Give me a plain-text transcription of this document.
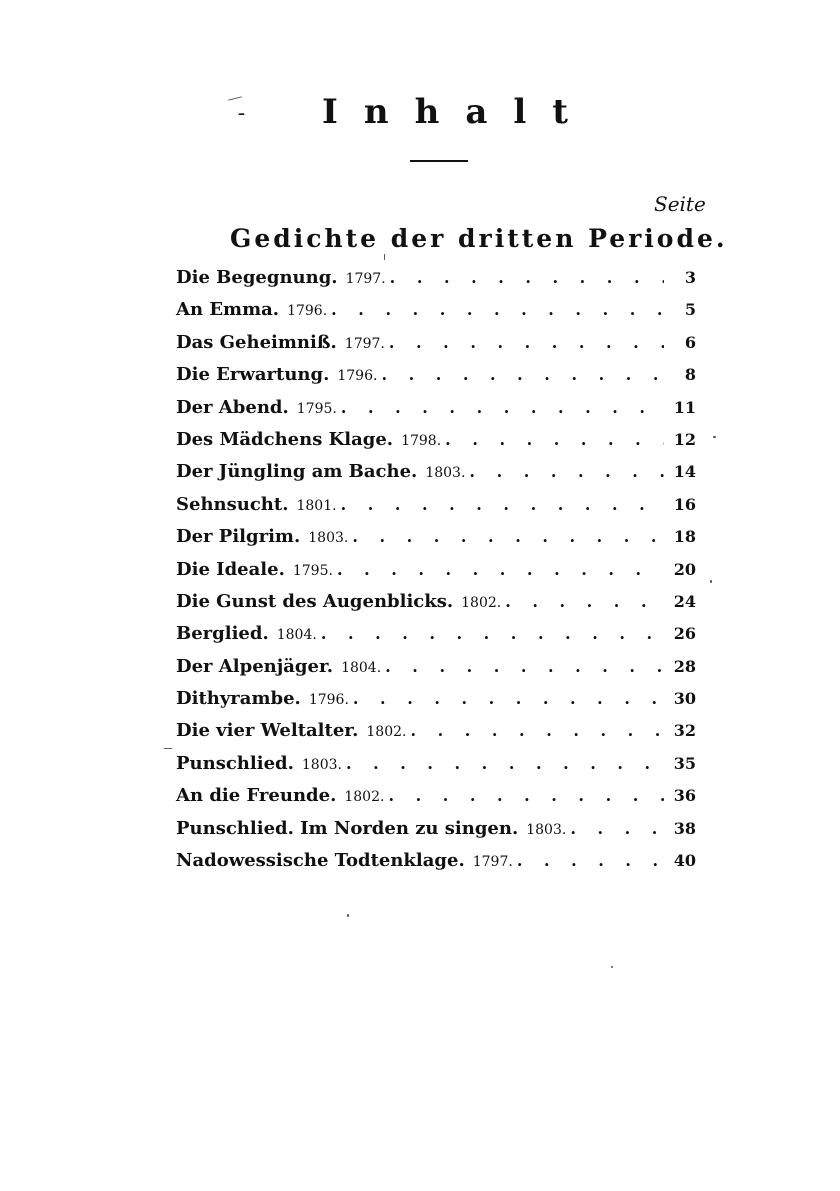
– Inhalt
Seite
Gedichte der dritten Periode.
Die Begegnung. 1797. . . .	3
An Emma. 1796. . . .	5
Das Geheimniß. 1797. . . .	6
Die Erwartung. 1796. . . .	8
Der Abend. 1795. . . .	11
Des Mädchens Klage. 1798. . . .	12
Der Jüngling am Bache. 1803. . . .	14
Sehnsucht. 1801. . . .	16
Der Pilgrim. 1803. . . .	18
Die Ideale. 1795. . . .	20
Die Gunst des Augenblicks. 1802. . . .	24
Berglied. 1804. . . .	26
Der Alpenjäger. 1804. . . .	28
Dithyrambe. 1796. . . .	30
Die vier Weltalter. 1802. . . .	32
Punschlied. 1803. . . .	35
An die Freunde. 1802. . . .	36
Punschlied. Im Norden zu singen. 1803. . . .	38
Nadowessische Todtenklage. 1797. . . .	40
